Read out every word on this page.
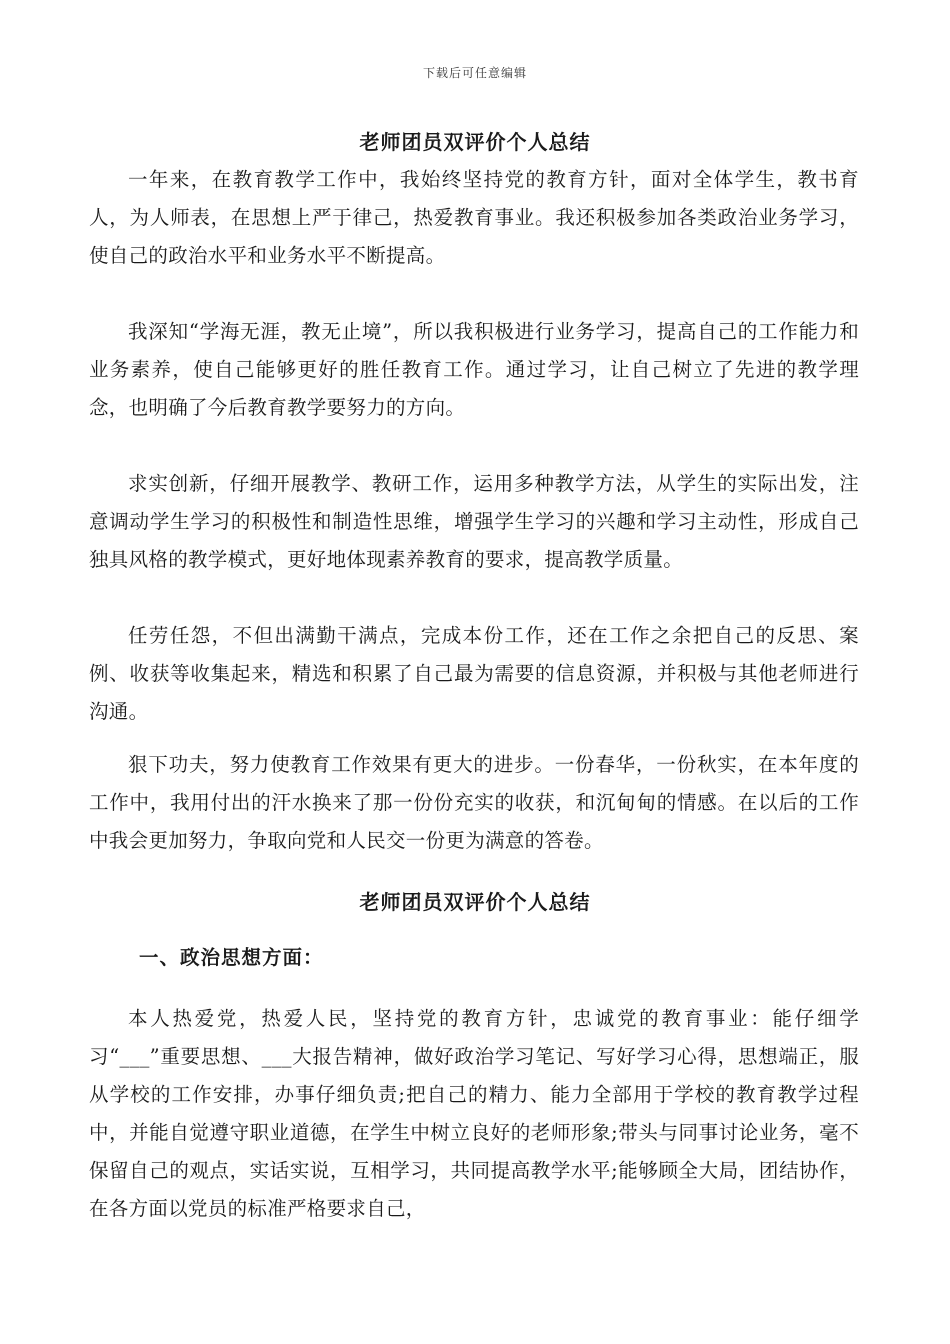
下载后可任意编辑
老师团员双评价个人总结

一年来，在教育教学工作中，我始终坚持党的教育方针，面对全体学生，教书育人，为人师表，在思想上严于律己，热爱教育事业。我还积极参加各类政治业务学习，使自己的政治水平和业务水平不断提高。

我深知“学海无涯，教无止境”，所以我积极进行业务学习，提高自己的工作能力和业务素养，使自己能够更好的胜任教育工作。通过学习，让自己树立了先进的教学理念，也明确了今后教育教学要努力的方向。

求实创新，仔细开展教学、教研工作，运用多种教学方法，从学生的实际出发，注意调动学生学习的积极性和制造性思维，增强学生学习的兴趣和学习主动性，形成自己独具风格的教学模式，更好地体现素养教育的要求，提高教学质量。

任劳任怨，不但出满勤干满点，完成本份工作，还在工作之余把自己的反思、案例、收获等收集起来，精选和积累了自己最为需要的信息资源，并积极与其他老师进行沟通。

狠下功夫，努力使教育工作效果有更大的进步。一份春华，一份秋实，在本年度的工作中，我用付出的汗水换来了那一份份充实的收获，和沉甸甸的情感。在以后的工作中我会更加努力，争取向党和人民交一份更为满意的答卷。

老师团员双评价个人总结
一、政治思想方面：

本人热爱党，热爱人民，坚持党的教育方针，忠诚党的教育事业：能仔细学习“___”重要思想、___大报告精神，做好政治学习笔记、写好学习心得，思想端正，服从学校的工作安排，办事仔细负责;把自己的精力、能力全部用于学校的教育教学过程中，并能自觉遵守职业道德，在学生中树立良好的老师形象;带头与同事讨论业务，毫不保留自己的观点，实话实说，互相学习，共同提高教学水平;能够顾全大局，团结协作，在各方面以党员的标准严格要求自己，
